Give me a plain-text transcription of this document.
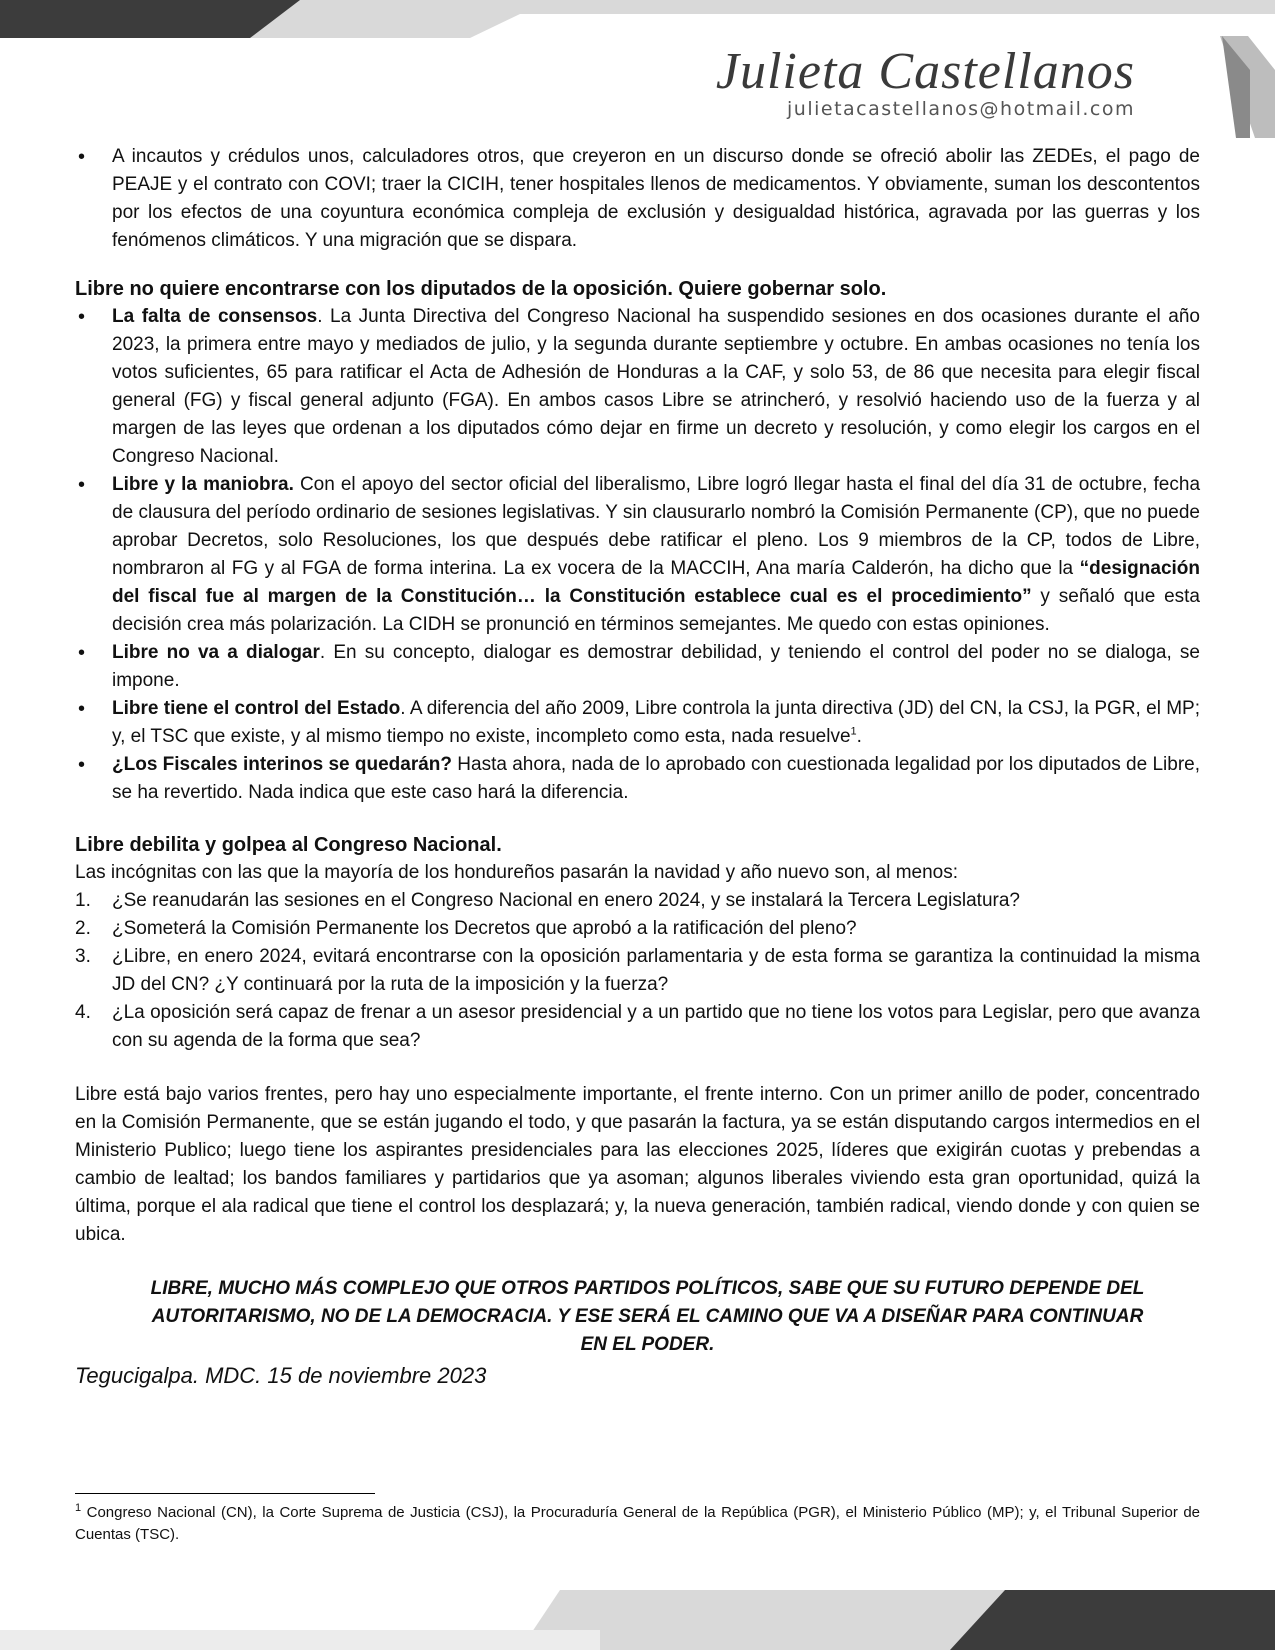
Julieta Castellanos
julietacastellanos@hotmail.com
• A incautos y crédulos unos, calculadores otros, que creyeron en un discurso donde se ofreció abolir las ZEDEs, el pago de PEAJE y el contrato con COVI; traer la CICIH, tener hospitales llenos de medicamentos. Y obviamente, suman los descontentos por los efectos de una coyuntura económica compleja de exclusión y desigualdad histórica, agravada por las guerras y los fenómenos climáticos. Y una migración que se dispara.
Libre no quiere encontrarse con los diputados de la oposición. Quiere gobernar solo.
• La falta de consensos. La Junta Directiva del Congreso Nacional ha suspendido sesiones en dos ocasiones durante el año 2023, la primera entre mayo y mediados de julio, y la segunda durante septiembre y octubre. En ambas ocasiones no tenía los votos suficientes, 65 para ratificar el Acta de Adhesión de Honduras a la CAF, y solo 53, de 86 que necesita para elegir fiscal general (FG) y fiscal general adjunto (FGA). En ambos casos Libre se atrincheró, y resolvió haciendo uso de la fuerza y al margen de las leyes que ordenan a los diputados cómo dejar en firme un decreto y resolución, y como elegir los cargos en el Congreso Nacional.
• Libre y la maniobra. Con el apoyo del sector oficial del liberalismo, Libre logró llegar hasta el final del día 31 de octubre, fecha de clausura del período ordinario de sesiones legislativas. Y sin clausurarlo nombró la Comisión Permanente (CP), que no puede aprobar Decretos, solo Resoluciones, los que después debe ratificar el pleno. Los 9 miembros de la CP, todos de Libre, nombraron al FG y al FGA de forma interina. La ex vocera de la MACCIH, Ana maría Calderón, ha dicho que la “designación del fiscal fue al margen de la Constitución… la Constitución establece cual es el procedimiento” y señaló que esta decisión crea más polarización. La CIDH se pronunció en términos semejantes. Me quedo con estas opiniones.
• Libre no va a dialogar. En su concepto, dialogar es demostrar debilidad, y teniendo el control del poder no se dialoga, se impone.
• Libre tiene el control del Estado. A diferencia del año 2009, Libre controla la junta directiva (JD) del CN, la CSJ, la PGR, el MP; y, el TSC que existe, y al mismo tiempo no existe, incompleto como esta, nada resuelve$^1$.
• ¿Los Fiscales interinos se quedarán? Hasta ahora, nada de lo aprobado con cuestionada legalidad por los diputados de Libre, se ha revertido. Nada indica que este caso hará la diferencia.
Libre debilita y golpea al Congreso Nacional.
Las incógnitas con las que la mayoría de los hondureños pasarán la navidad y año nuevo son, al menos:
1. ¿Se reanudarán las sesiones en el Congreso Nacional en enero 2024, y se instalará la Tercera Legislatura?
2. ¿Someterá la Comisión Permanente los Decretos que aprobó a la ratificación del pleno?
3. ¿Libre, en enero 2024, evitará encontrarse con la oposición parlamentaria y de esta forma se garantiza la continuidad la misma JD del CN? ¿Y continuará por la ruta de la imposición y la fuerza?
4. ¿La oposición será capaz de frenar a un asesor presidencial y a un partido que no tiene los votos para Legislar, pero que avanza con su agenda de la forma que sea?
Libre está bajo varios frentes, pero hay uno especialmente importante, el frente interno. Con un primer anillo de poder, concentrado en la Comisión Permanente, que se están jugando el todo, y que pasarán la factura, ya se están disputando cargos intermedios en el Ministerio Publico; luego tiene los aspirantes presidenciales para las elecciones 2025, líderes que exigirán cuotas y prebendas a cambio de lealtad; los bandos familiares y partidarios que ya asoman; algunos liberales viviendo esta gran oportunidad, quizá la última, porque el ala radical que tiene el control los desplazará; y, la nueva generación, también radical, viendo donde y con quien se ubica.
LIBRE, MUCHO MÁS COMPLEJO QUE OTROS PARTIDOS POLÍTICOS, SABE QUE SU FUTURO DEPENDE DEL AUTORITARISMO, NO DE LA DEMOCRACIA. Y ESE SERÁ EL CAMINO QUE VA A DISEÑAR PARA CONTINUAR EN EL PODER.
Tegucigalpa. MDC. 15 de noviembre 2023
$^1$ Congreso Nacional (CN), la Corte Suprema de Justicia (CSJ), la Procuraduría General de la República (PGR), el Ministerio Público (MP); y, el Tribunal Superior de Cuentas (TSC).
